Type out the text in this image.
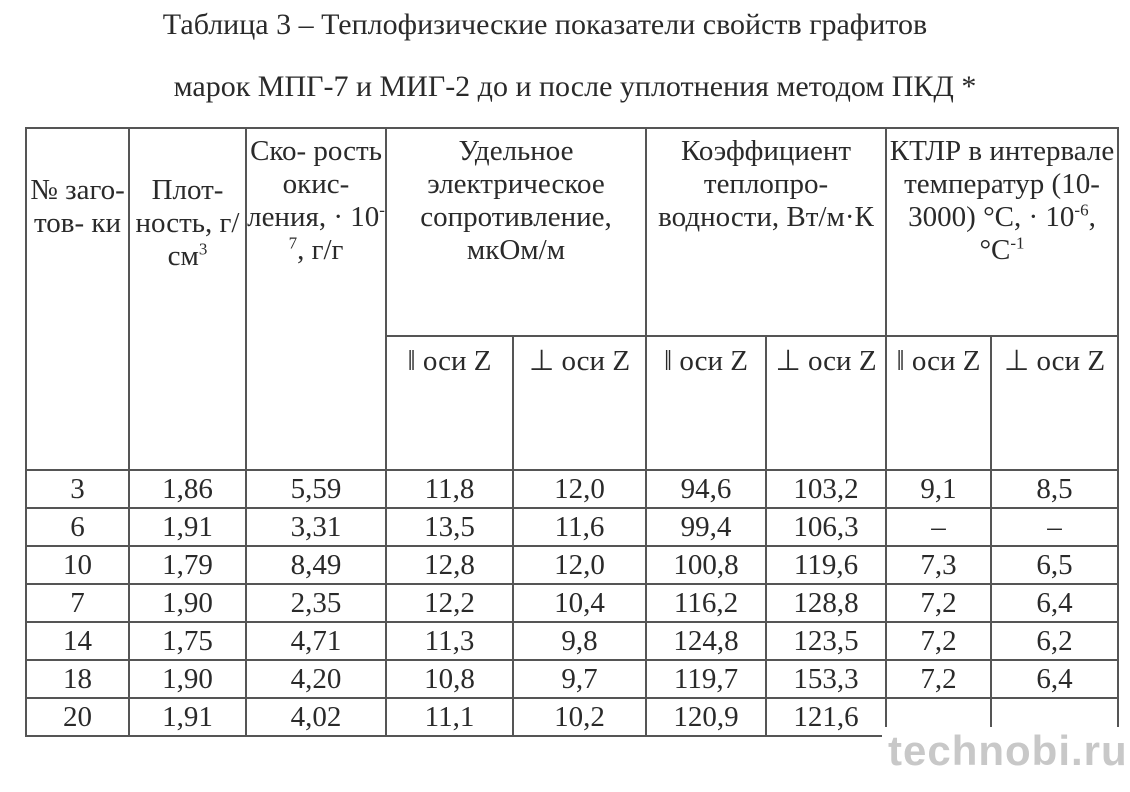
Таблица 3 – Теплофизические показатели свойств графитов
марок МПГ-7 и МИГ-2 до и после уплотнения методом ПКД *
№ заго- тов- ки	Плот- ность, $г/см^3$	Ско- рость окис- ления, · $10^{-7}$, г/г	Удельное электрическое сопротивление, мкОм/м		Коэффициент теплопро- водности, Вт/м·К		КТЛР в интервале температур (10-3000) °С, · $10^{-6}$, $^\circ С^{-1}$
			‖ оси Z	⊥ оси Z	‖ оси Z	⊥ оси Z	‖ оси Z	⊥ оси Z
3	1,86	5,59	11,8	12,0	94,6	103,2	9,1	8,5
6	1,91	3,31	13,5	11,6	99,4	106,3	–	–
10	1,79	8,49	12,8	12,0	100,8	119,6	7,3	6,5
7	1,90	2,35	12,2	10,4	116,2	128,8	7,2	6,4
14	1,75	4,71	11,3	9,8	124,8	123,5	7,2	6,2
18	1,90	4,20	10,8	9,7	119,7	153,3	7,2	6,4
20	1,91	4,02	11,1	10,2	120,9	121,6		
technobi.ru
